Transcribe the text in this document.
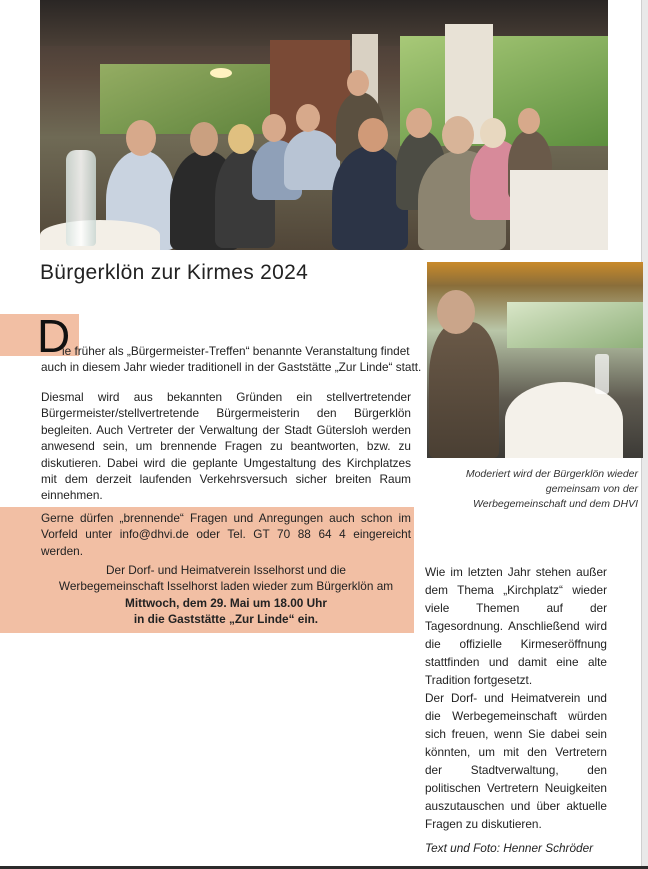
Bürgerklön zur Kirmes 2024
Moderiert wird der Bürgerklön wieder
gemeinsam von der
Werbegemeinschaft und dem DHVI
D
ie früher als „Bürgermeister-Treffen“ benannte Veranstaltung findet
auch in diesem Jahr wieder traditionell in der Gaststätte „Zur Linde“ statt.

Diesmal wird aus bekannten Gründen ein stellvertretender Bürgermeister/stellvertretende Bürgermeisterin den Bürgerklön begleiten. Auch Vertreter der Verwaltung der Stadt Gütersloh werden anwesend sein, um brennende Fragen zu beantworten, bzw. zu diskutieren. Dabei wird die geplante Umgestaltung des Kirchplatzes mit dem derzeit laufenden Verkehrsversuch sicher breiten Raum einnehmen.

Gerne dürfen „brennende“ Fragen und Anregungen auch schon im Vorfeld unter info@dhvi.de oder Tel. GT 70 88 64 4 eingereicht werden.

Der Dorf- und Heimatverein Isselhorst und die
Werbegemeinschaft Isselhorst laden wieder zum Bürgerklön am
Mittwoch, dem 29. Mai um 18.00 Uhr
in die Gaststätte „Zur Linde“ ein.
Wie im letzten Jahr stehen außer dem Thema „Kirchplatz“ wieder viele Themen auf der Tagesordnung. Anschließend wird die offizielle Kirmeseröffnung stattfinden und damit eine alte Tradition fortgesetzt.
Der Dorf- und Heimatverein und die Werbegemeinschaft würden sich freuen, wenn Sie dabei sein könnten, um mit den Vertretern der Stadtverwaltung, den politischen Vertretern Neuigkeiten auszutauschen und über aktuelle Fragen zu diskutieren.
Text und Foto: Henner Schröder
